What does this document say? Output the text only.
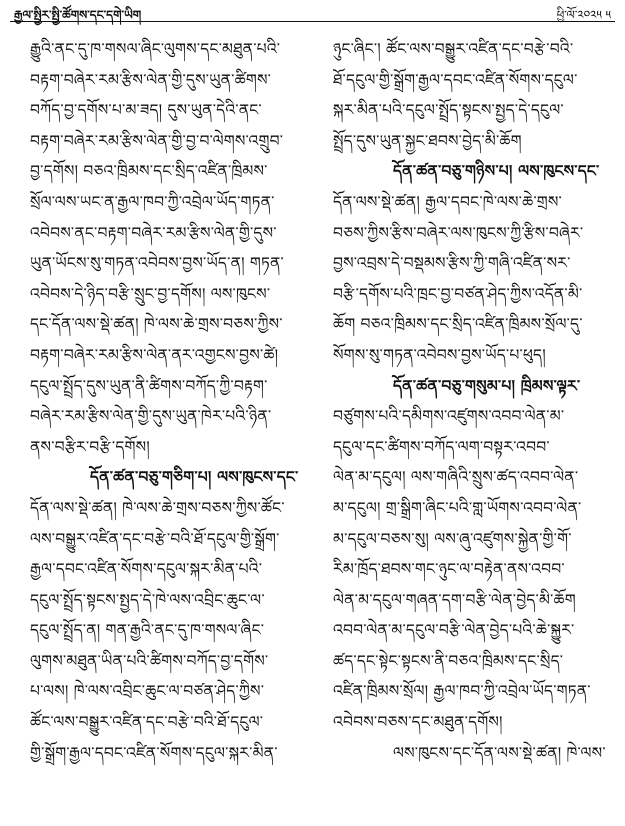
རྒྱལ་སྤྱིར་སྤྱི་ཚོགས་དང་དགེ་ཡིག	ཕྱི་ལོ་༢༠༢༥ ༥
རྒྱུའི་ནང་དུ་ཁ་གསལ་ཞིང་ལུགས་དང་མཐུན་པའི་
བརྟག་བཞེར་རམ་རྩིས་ལེན་གྱི་དུས་ཡུན་ཚིགས་
བཀོད་བྱ་དགོས་པ་མ་ཟད། དུས་ཡུན་དེའི་ནང་
བརྟག་བཞེར་རམ་རྩིས་ལེན་གྱི་བྱ་བ་ལེགས་འགྲུབ་
བྱ་དགོས། བཅའ་ཁྲིམས་དང་སྲིད་འཛིན་ཁྲིམས་
སྲོལ་ལས་ཡང་ན་རྒྱལ་ཁབ་ཀྱི་འབྲེལ་ཡོད་གཏན་
འབེབས་ནང་བརྟག་བཞེར་རམ་རྩིས་ལེན་གྱི་དུས་
ཡུན་ཡོངས་སུ་གཏན་འབེབས་བྱས་ཡོད་ན། གཏན་
འབེབས་དེ་ཉིད་བརྩི་སྲུང་བྱ་དགོས། ལས་ཁུངས་
དང་དོན་ལས་སྡེ་ཚན། ཁེ་ལས་ཆེ་གྲས་བཅས་ཀྱིས་
བརྟག་བཞེར་རམ་རྩིས་ལེན་ནར་འགྱངས་བྱས་ཚེ།
དངུལ་སྤྲོད་དུས་ཡུན་ནི་ཚིགས་བཀོད་ཀྱི་བརྟག་
བཞེར་རམ་རྩིས་ལེན་གྱི་དུས་ཡུན་ཁེར་པའི་ཉིན་
ནས་བརྩིར་བརྩི་དགོས།
དོན་ཚན་བཅུ་གཅིག་པ། ལས་ཁུངས་དང་
དོན་ལས་སྡེ་ཚན། ཁེ་ལས་ཆེ་གྲས་བཅས་ཀྱིས་ཚོང་
ལས་བསྒྱུར་འཛིན་དང་བརྩེ་བའི་ཐོ་དངུལ་གྱི་སྒྲོག་
རྒྱལ་དབང་འཛིན་སོགས་དངུལ་སྐར་མིན་པའི་
དངུལ་སྤྲོད་སྟངས་སྤྱད་དེ་ཁེ་ལས་འབྲིང་ཆུང་ལ་
དངུལ་སྤྲོད་ན། གན་རྒྱའི་ནང་དུ་ཁ་གསལ་ཞིང་
ལུགས་མཐུན་ཡིན་པའི་ཚིགས་བཀོད་བྱ་དགོས་
པ་ལས། ཁེ་ལས་འབྲིང་ཆུང་ལ་བཙན་ཤེད་ཀྱིས་
ཚོང་ལས་བསྒྱུར་འཛིན་དང་བརྩེ་བའི་ཐོ་དངུལ་
གྱི་སྒྲོག་རྒྱལ་དབང་འཛིན་སོགས་དངུལ་སྐར་མིན་
ཉུང་ཞིང་། ཚོང་ལས་བསྒྱུར་འཛིན་དང་བརྩེ་བའི་
ཐོ་དངུལ་གྱི་སྒྲོག་རྒྱལ་དབང་འཛིན་སོགས་དངུལ་
སྐར་མིན་པའི་དངུལ་སྤྲོད་སྟངས་སྤྱད་དེ་དངུལ་
སྤྲོད་དུས་ཡུན་སྐྱང་ཐབས་བྱེད་མི་ཆོག
དོན་ཚན་བཅུ་གཉིས་པ། ལས་ཁུངས་དང་
དོན་ལས་སྡེ་ཚན། རྒྱལ་དབང་ཁེ་ལས་ཆེ་གྲས་
བཅས་ཀྱིས་རྩིས་བཞེར་ལས་ཁུངས་ཀྱི་རྩིས་བཞེར་
བྱས་འབྲས་དེ་བསྡམས་རྩིས་ཀྱི་གཞི་འཛིན་སར་
བརྩི་དགོས་པའི་ཁྲང་བྱ་བཙན་ཤེད་ཀྱིས་འདོན་མི་
ཆོག བཅའ་ཁྲིམས་དང་སྲིད་འཛིན་ཁྲིམས་སྲོལ་དུ་
སོགས་སུ་གཏན་འབེབས་བྱས་ཡོད་པ་ཕུད།
དོན་ཚན་བཅུ་གསུམ་པ། ཁྲིམས་ལྟར་
བཙུགས་པའི་དམིགས་འཛུགས་འབབ་ལེན་མ་
དངུལ་དང་ཚིགས་བཀོད་ལག་བསྟར་འབབ་
ལེན་མ་དངུལ། ལས་གཞིའི་སྲུས་ཚད་འབབ་ལེན་
མ་དངུལ། གྲ་སྒྲིག་ཞིང་པའི་གླ་ཡོགས་འབབ་ལེན་
མ་དངུལ་བཅས་སུ། ལས་ཞུ་འཛུགས་སྐྱེན་གྱི་གོ་
རིམ་ཁྲོད་ཐབས་གང་ཉུང་ལ་བརྟེན་ནས་འབབ་
ལེན་མ་དངུལ་གཞན་དག་བརྩི་ལེན་བྱེད་མི་ཆོག
འབབ་ལེན་མ་དངུལ་བརྩི་ལེན་བྱེད་པའི་ཆེ་སྐྱུར་
ཚད་དང་སྟེང་སྟངས་ནི་བཅའ་ཁྲིམས་དང་སྲིད་
འཛིན་ཁྲིམས་སྲོལ། རྒྱལ་ཁབ་ཀྱི་འབྲེལ་ཡོད་གཏན་
འབེབས་བཅས་དང་མཐུན་དགོས།
ལས་ཁུངས་དང་དོན་ལས་སྡེ་ཚན། ཁེ་ལས་
